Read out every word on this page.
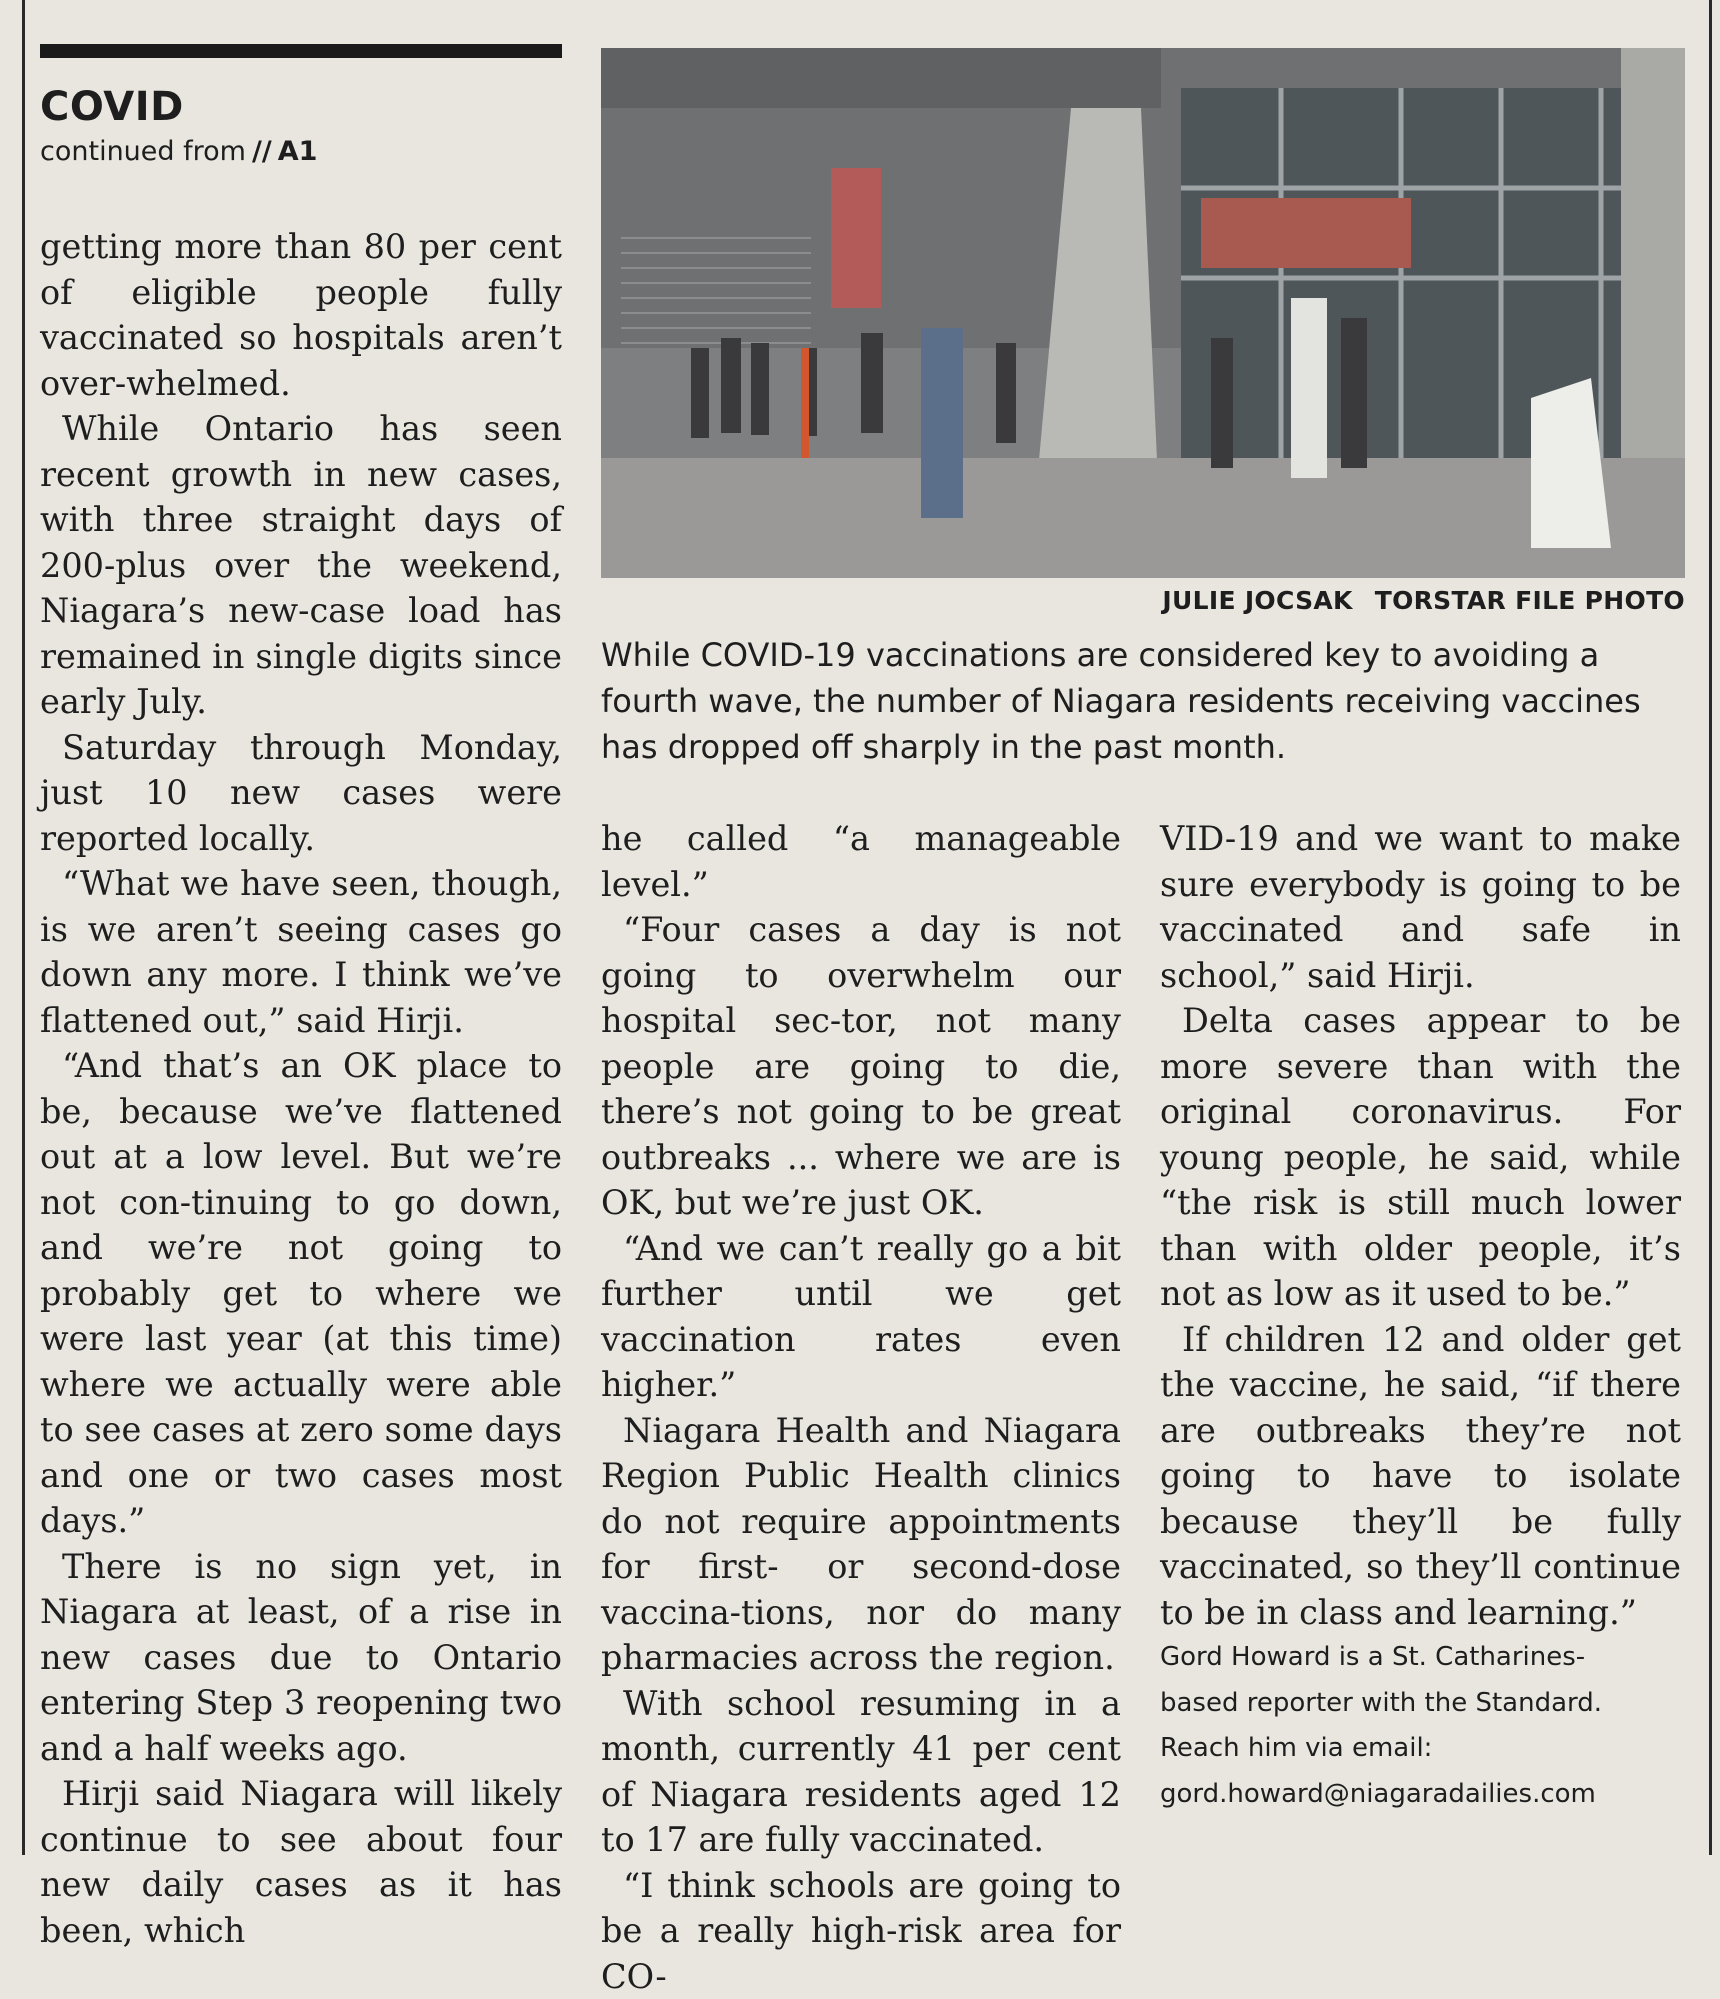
COVID
continued from // A1

getting more than 80 per cent of eligible people fully vaccinated so hospitals aren’t over-whelmed.

While Ontario has seen recent growth in new cases, with three straight days of 200-plus over the weekend, Niagara’s new-case load has remained in single digits since early July.

Saturday through Monday, just 10 new cases were reported locally.

“What we have seen, though, is we aren’t seeing cases go down any more. I think we’ve flattened out,” said Hirji.

“And that’s an OK place to be, because we’ve flattened out at a low level. But we’re not con-tinuing to go down, and we’re not going to probably get to where we were last year (at this time) where we actually were able to see cases at zero some days and one or two cases most days.”

There is no sign yet, in Niagara at least, of a rise in new cases due to Ontario entering Step 3 reopening two and a half weeks ago.

Hirji said Niagara will likely continue to see about four new daily cases as it has been, which

JULIE JOCSAK TORSTAR FILE PHOTO
While COVID-19 vaccinations are considered key to avoiding a fourth wave, the number of Niagara residents receiving vaccines has dropped off sharply in the past month.

he called “a manageable level.”

“Four cases a day is not going to overwhelm our hospital sec-tor, not many people are going to die, there’s not going to be great outbreaks ... where we are is OK, but we’re just OK.

“And we can’t really go a bit further until we get vaccination rates even higher.”

Niagara Health and Niagara Region Public Health clinics do not require appointments for first- or second-dose vaccina-tions, nor do many pharmacies across the region.

With school resuming in a month, currently 41 per cent of Niagara residents aged 12 to 17 are fully vaccinated.

“I think schools are going to be a really high-risk area for CO-

VID-19 and we want to make sure everybody is going to be vaccinated and safe in school,” said Hirji.

Delta cases appear to be more severe than with the original coronavirus. For young people, he said, while “the risk is still much lower than with older people, it’s not as low as it used to be.”

If children 12 and older get the vaccine, he said, “if there are outbreaks they’re not going to have to isolate because they’ll be fully vaccinated, so they’ll continue to be in class and learning.”

Gord Howard is a St. Catharines-
based reporter with the Standard.
Reach him via email:
gord.howard@niagaradailies.com
